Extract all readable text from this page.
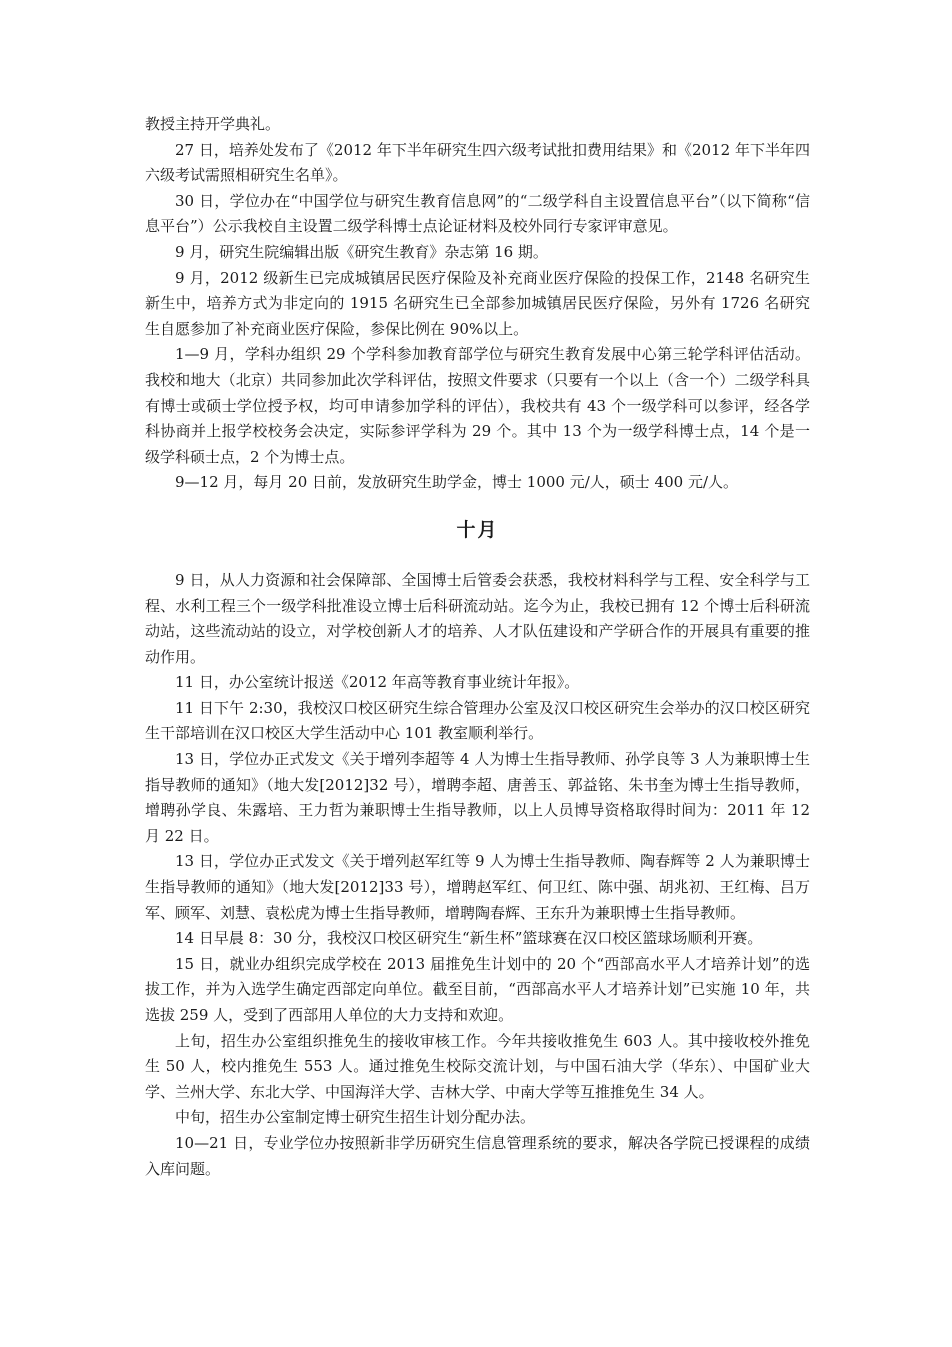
教授主持开学典礼。

27 日，培养处发布了《2012 年下半年研究生四六级考试批扣费用结果》和《2012 年下半年四六级考试需照相研究生名单》。

30 日，学位办在“中国学位与研究生教育信息网”的“二级学科自主设置信息平台”（以下简称“信息平台”）公示我校自主设置二级学科博士点论证材料及校外同行专家评审意见。

9 月，研究生院编辑出版《研究生教育》杂志第 16 期。

9 月，2012 级新生已完成城镇居民医疗保险及补充商业医疗保险的投保工作，2148 名研究生新生中，培养方式为非定向的 1915 名研究生已全部参加城镇居民医疗保险，另外有 1726 名研究生自愿参加了补充商业医疗保险，参保比例在 90%以上。

1—9 月，学科办组织 29 个学科参加教育部学位与研究生教育发展中心第三轮学科评估活动。我校和地大（北京）共同参加此次学科评估，按照文件要求（只要有一个以上（含一个）二级学科具有博士或硕士学位授予权，均可申请参加学科的评估），我校共有 43 个一级学科可以参评，经各学科协商并上报学校校务会决定，实际参评学科为 29 个。其中 13 个为一级学科博士点，14 个是一级学科硕士点，2 个为博士点。

9—12 月，每月 20 日前，发放研究生助学金，博士 1000 元/人，硕士 400 元/人。

十月

9 日，从人力资源和社会保障部、全国博士后管委会获悉，我校材料科学与工程、安全科学与工程、水利工程三个一级学科批准设立博士后科研流动站。迄今为止，我校已拥有 12 个博士后科研流动站，这些流动站的设立，对学校创新人才的培养、人才队伍建设和产学研合作的开展具有重要的推动作用。

11 日，办公室统计报送《2012 年高等教育事业统计年报》。

11 日下午 2:30，我校汉口校区研究生综合管理办公室及汉口校区研究生会举办的汉口校区研究生干部培训在汉口校区大学生活动中心 101 教室顺利举行。

13 日，学位办正式发文《关于增列李超等 4 人为博士生指导教师、孙学良等 3 人为兼职博士生指导教师的通知》（地大发[2012]32 号），增聘李超、唐善玉、郭益铭、朱书奎为博士生指导教师，增聘孙学良、朱露培、王力哲为兼职博士生指导教师，以上人员博导资格取得时间为：2011 年 12 月 22 日。

13 日，学位办正式发文《关于增列赵军红等 9 人为博士生指导教师、陶春辉等 2 人为兼职博士生指导教师的通知》（地大发[2012]33 号），增聘赵军红、何卫红、陈中强、胡兆初、王红梅、吕万军、顾军、刘慧、袁松虎为博士生指导教师，增聘陶春辉、王东升为兼职博士生指导教师。

14 日早晨 8：30 分，我校汉口校区研究生“新生杯”篮球赛在汉口校区篮球场顺利开赛。

15 日，就业办组织完成学校在 2013 届推免生计划中的 20 个“西部高水平人才培养计划”的选拔工作，并为入选学生确定西部定向单位。截至目前，“西部高水平人才培养计划”已实施 10 年，共选拔 259 人，受到了西部用人单位的大力支持和欢迎。

上旬，招生办公室组织推免生的接收审核工作。今年共接收推免生 603 人。其中接收校外推免生 50 人，校内推免生 553 人。通过推免生校际交流计划，与中国石油大学（华东）、中国矿业大学、兰州大学、东北大学、中国海洋大学、吉林大学、中南大学等互推推免生 34 人。

中旬，招生办公室制定博士研究生招生计划分配办法。

10—21 日，专业学位办按照新非学历研究生信息管理系统的要求，解决各学院已授课程的成绩入库问题。
